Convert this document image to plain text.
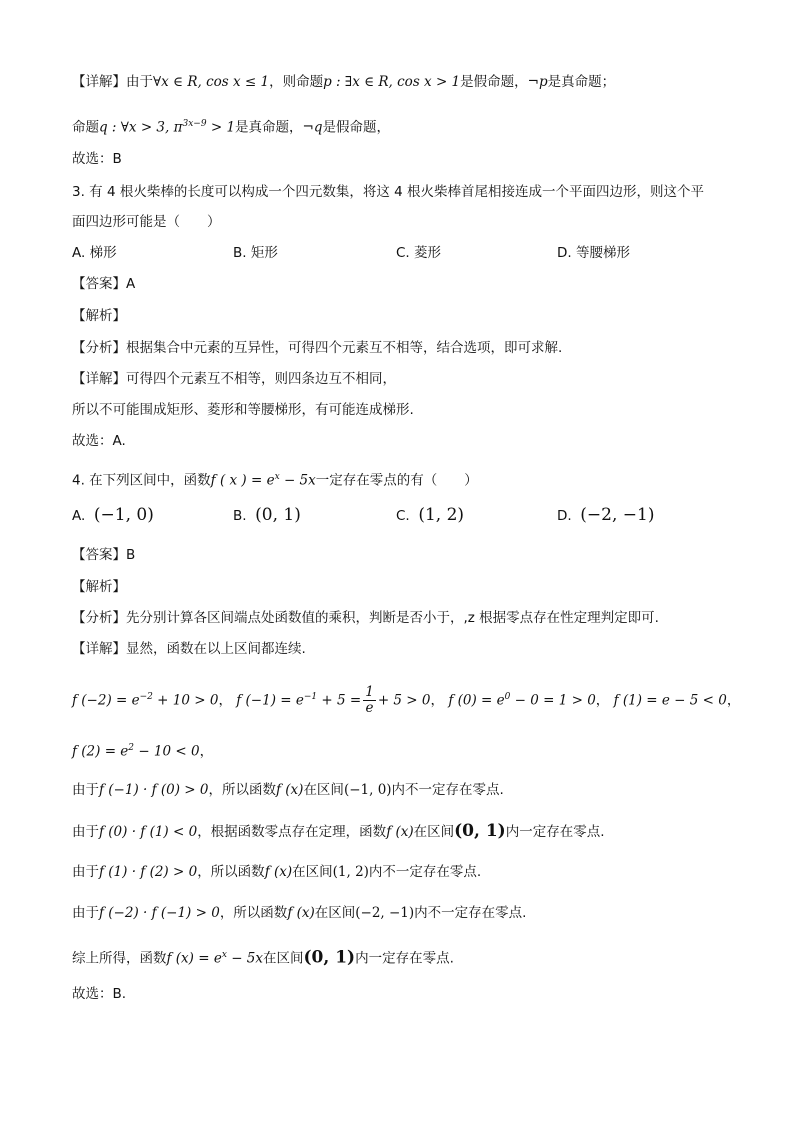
【详解】由于∀x ∈ R, cos x ≤ 1，则命题p : ∃x ∈ R, cos x > 1是假命题，¬p是真命题；
命题q : ∀x > 3, $\pi^{3x-9} > 1$是真命题，¬q是假命题，
故选：B
3. 有 4 根火柴棒的长度可以构成一个四元数集，将这 4 根火柴棒首尾相接连成一个平面四边形，则这个平
面四边形可能是（　　）
A. 梯形	B. 矩形	C. 菱形	D. 等腰梯形
【答案】A
【解析】
【分析】根据集合中元素的互异性，可得四个元素互不相等，结合选项，即可求解.
【详解】可得四个元素互不相等，则四条边互不相同，
所以不可能围成矩形、菱形和等腰梯形，有可能连成梯形.
故选：A.
4. 在下列区间中，函数f ( x ) = $e^x - 5x$一定存在零点的有（　　）
A. (−1, 0)	B. (0, 1)	C. (1, 2)	D. (−2, −1)
【答案】B
【解析】
【分析】先分别计算各区间端点处函数值的乘积，判断是否小于，,z 根据零点存在性定理判定即可.
【详解】显然，函数在以上区间都连续.
f $(-2) = e^{-2} + 10 > 0$， f $(-1) = e^{-1} + 5 = \frac{1}{e} + 5 > 0$， f $(0) = e^0 - 0 = 1 > 0$， f (1) = e − 5 < 0，
f $(2) = e^2 - 10 < 0$，
由于f (−1) · f (0) > 0，所以函数f (x)在区间(−1, 0)内不一定存在零点.
由于f (0) · f (1) < 0，根据函数零点存在定理，函数f (x)在区间(0, 1)内一定存在零点.
由于f (1) · f (2) > 0，所以函数f (x)在区间(1, 2)内不一定存在零点.
由于f (−2) · f (−1) > 0，所以函数f (x)在区间(−2, −1)内不一定存在零点.
综上所得，函数f $(x) = e^x - 5x$在区间(0, 1)内一定存在零点.
故选：B.
